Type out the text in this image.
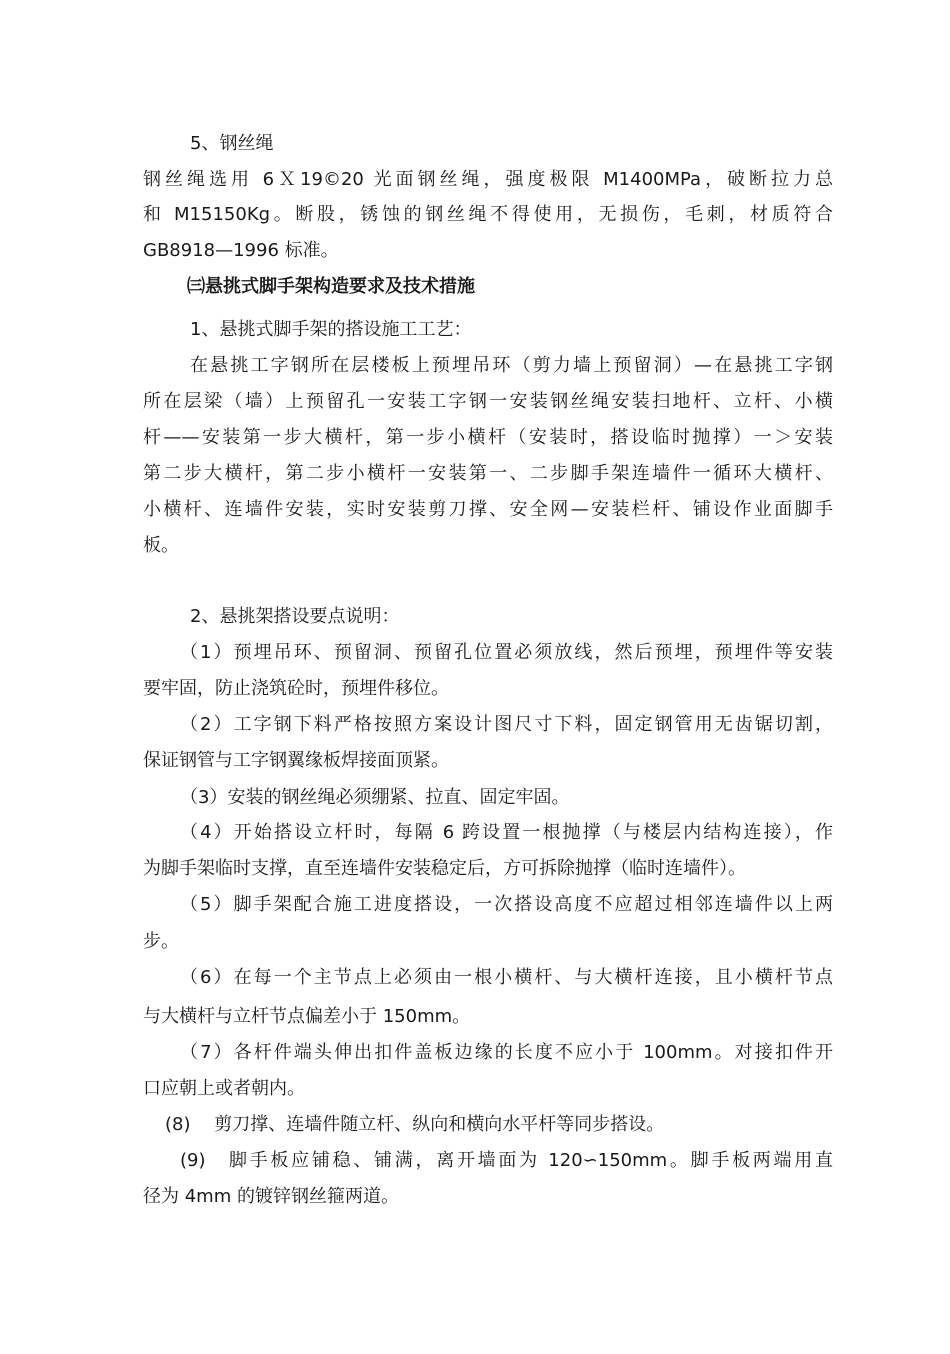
5、钢丝绳
钢丝绳选用 6Ｘ19©20 光面钢丝绳，强度极限 M1400MPa，破断拉力总
和 M15150Kg。断股，锈蚀的钢丝绳不得使用，无损伤，毛刺，材质符合
GB8918—1996 标准。
㈢悬挑式脚手架构造要求及技术措施
1、悬挑式脚手架的搭设施工工艺：
在悬挑工字钢所在层楼板上预埋吊环（剪力墙上预留洞）—在悬挑工字钢
所在层梁（墙）上预留孔一安装工字钢一安装钢丝绳安装扫地杆、立杆、小横
杆——安装第一步大横杆，第一步小横杆（安装时，搭设临时抛撑）一＞安装
第二步大横杆，第二步小横杆一安装第一、二步脚手架连墙件一循环大横杆、
小横杆、连墙件安装，实时安装剪刀撑、安全网—安装栏杆、铺设作业面脚手
板。
2、悬挑架搭设要点说明：
（1）预埋吊环、预留洞、预留孔位置必须放线，然后预埋，预埋件等安装
要牢固，防止浇筑砼时，预埋件移位。
（2）工字钢下料严格按照方案设计图尺寸下料，固定钢管用无齿锯切割，
保证钢管与工字钢翼缘板焊接面顶紧。
（3）安装的钢丝绳必须绷紧、拉直、固定牢固。
（4）开始搭设立杆时，每隔 6 跨设置一根抛撑（与楼层内结构连接），作
为脚手架临时支撑，直至连墙件安装稳定后，方可拆除抛撑（临时连墙件）。
（5）脚手架配合施工进度搭设，一次搭设高度不应超过相邻连墙件以上两
步。
（6）在每一个主节点上必须由一根小横杆、与大横杆连接，且小横杆节点
与大横杆与立杆节点偏差小于 150mm。
（7）各杆件端头伸出扣件盖板边缘的长度不应小于 100mm。对接扣件开
口应朝上或者朝内。
(8)　 剪刀撑、连墙件随立杆、纵向和横向水平杆等同步搭设。
(9)　脚手板应铺稳、铺满，离开墙面为 120∽150mm。脚手板两端用直
径为 4mm 的镀锌钢丝箍两道。
